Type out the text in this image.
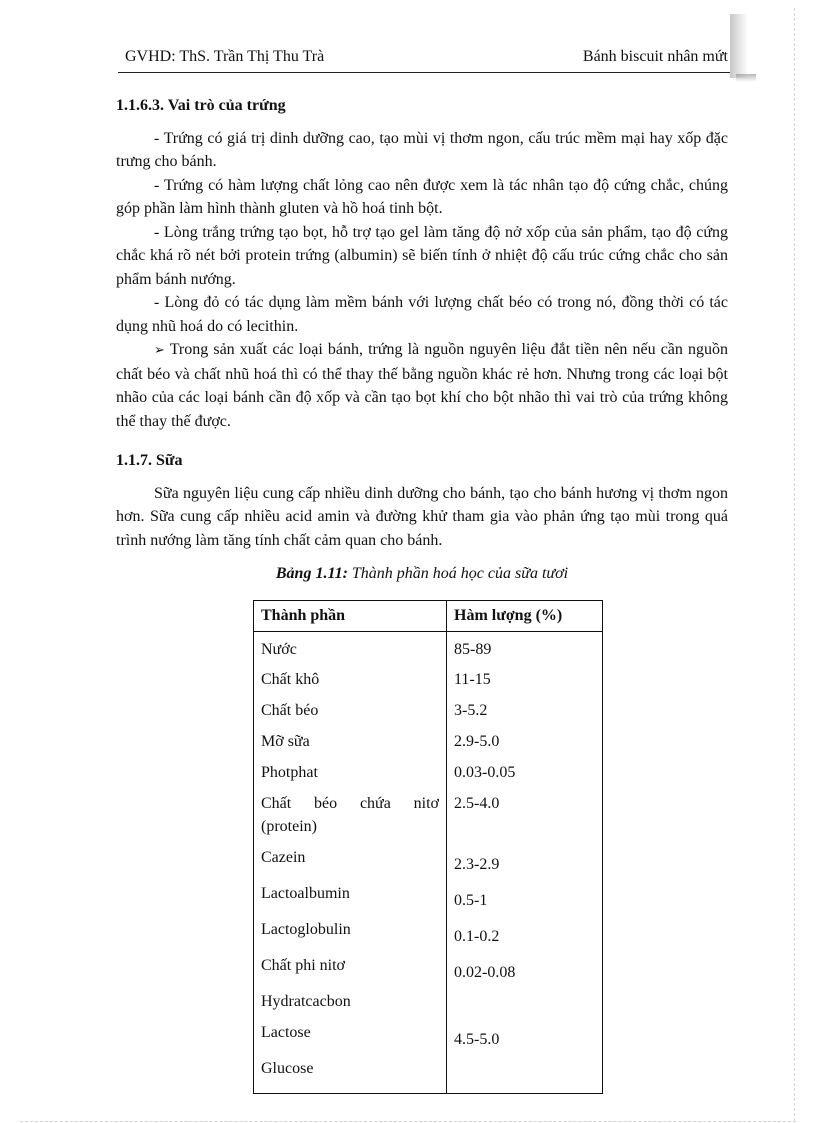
GVHD: ThS. Trần Thị Thu Trà	Bánh biscuit nhân mứt
1.1.6.3. Vai trò của trứng

- Trứng có giá trị dinh dưỡng cao, tạo mùi vị thơm ngon, cấu trúc mềm mại hay xốp đặc trưng cho bánh.

- Trứng có hàm lượng chất lỏng cao nên được xem là tác nhân tạo độ cứng chắc, chúng góp phần làm hình thành gluten và hồ hoá tinh bột.

- Lòng trắng trứng tạo bọt, hỗ trợ tạo gel làm tăng độ nở xốp của sản phẩm, tạo độ cứng chắc khá rõ nét bởi protein trứng (albumin) sẽ biến tính ở nhiệt độ cấu trúc cứng chắc cho sản phẩm bánh nướng.

- Lòng đỏ có tác dụng làm mềm bánh với lượng chất béo có trong nó, đồng thời có tác dụng nhũ hoá do có lecithin.

➢ Trong sản xuất các loại bánh, trứng là nguồn nguyên liệu đắt tiền nên nếu cần nguồn chất béo và chất nhũ hoá thì có thể thay thế bằng nguồn khác rẻ hơn. Nhưng trong các loại bột nhão của các loại bánh cần độ xốp và cần tạo bọt khí cho bột nhão thì vai trò của trứng không thể thay thế được.

1.1.7. Sữa

Sữa nguyên liệu cung cấp nhiều dinh dưỡng cho bánh, tạo cho bánh hương vị thơm ngon hơn. Sữa cung cấp nhiều acid amin và đường khử tham gia vào phản ứng tạo mùi trong quá trình nướng làm tăng tính chất cảm quan cho bánh.

Bảng 1.11: Thành phần hoá học của sữa tươi
Thành phần	Hàm lượng (%)
Nước	85-89
Chất khô	11-15
Chất béo	3-5.2
Mỡ sữa	2.9-5.0
Photphat	0.03-0.05

Chất béo chứa nitơ
(protein)	2.5-4.0
Cazein	2.3-2.9
Lactoalbumin	0.5-1
Lactoglobulin	0.1-0.2
Chất phi nitơ	0.02-0.08
Hydratcacbon	
Lactose	4.5-5.0
Glucose	
